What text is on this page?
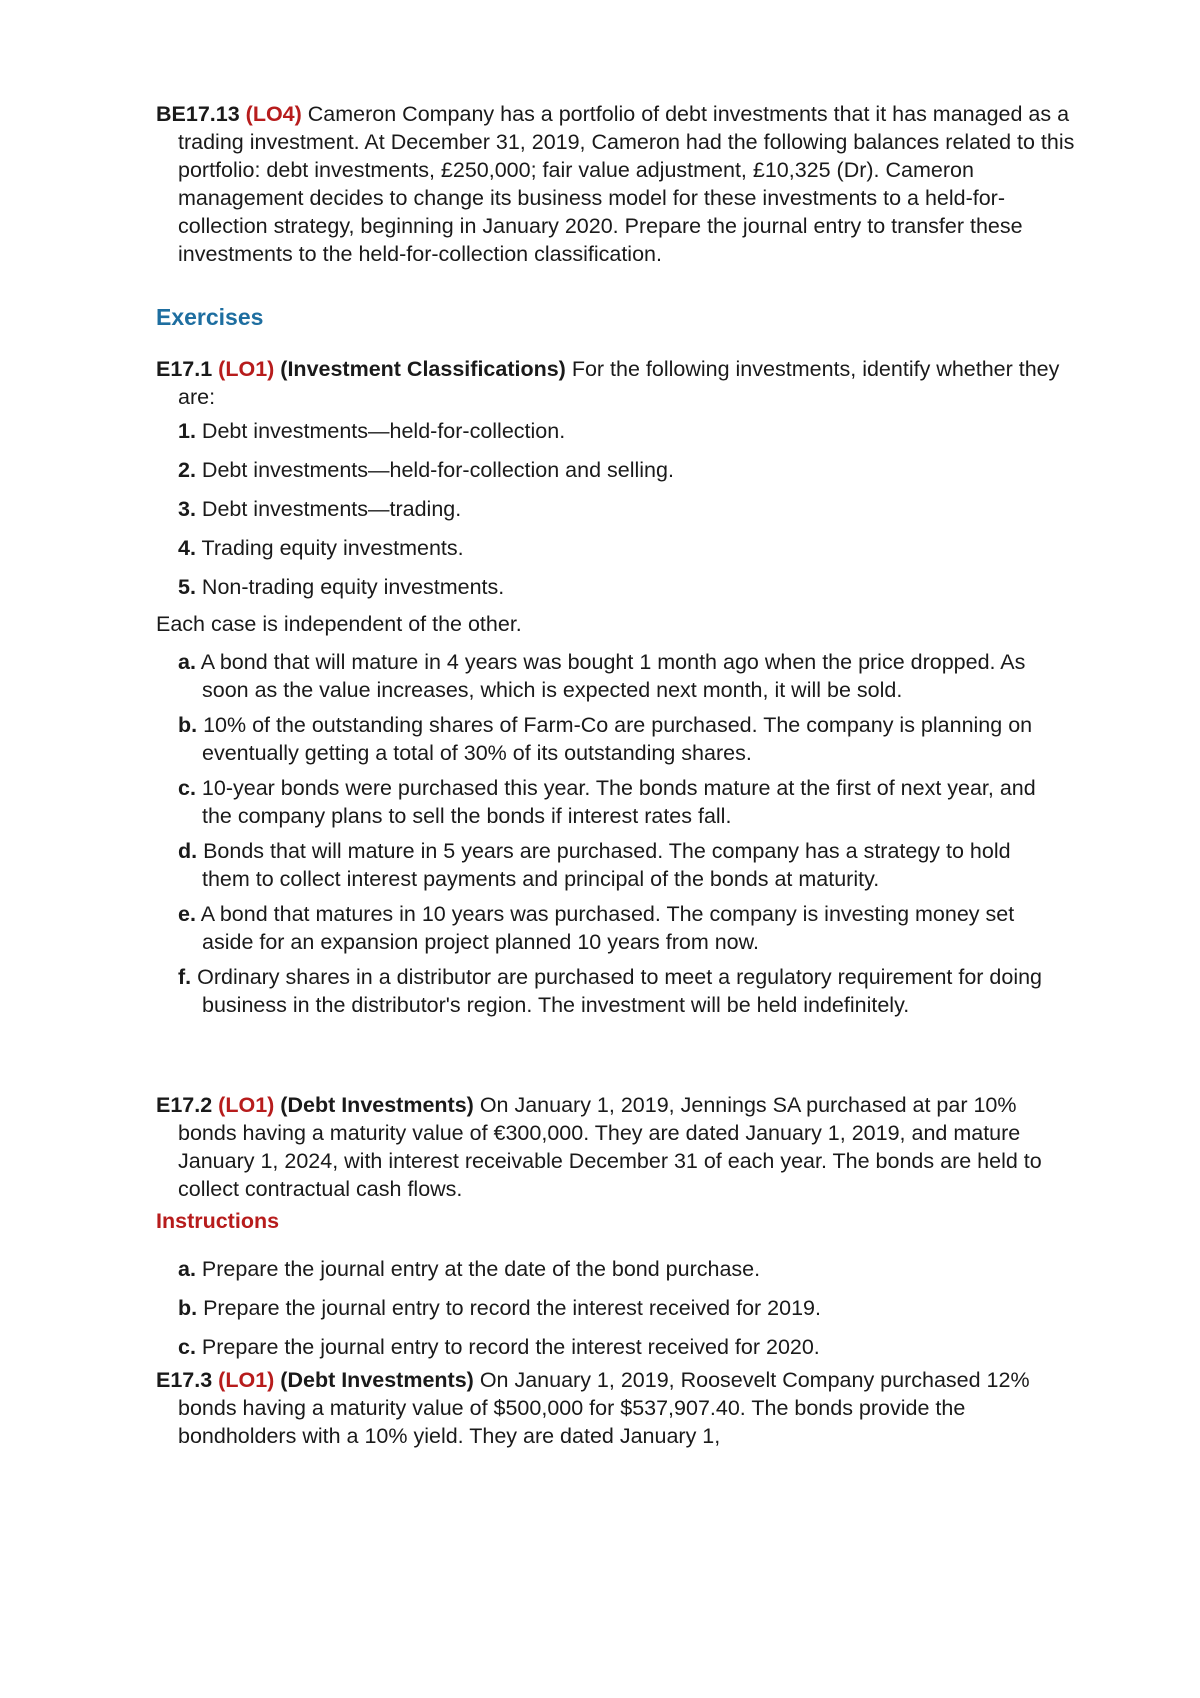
BE17.13 (LO4) Cameron Company has a portfolio of debt investments that it has managed as a trading investment. At December 31, 2019, Cameron had the following balances related to this portfolio: debt investments, £250,000; fair value adjustment, £10,325 (Dr). Cameron management decides to change its business model for these investments to a held-for-collection strategy, beginning in January 2020. Prepare the journal entry to transfer these investments to the held-for-collection classification.

Exercises

E17.1 (LO1) (Investment Classifications) For the following investments, identify whether they are:

1. Debt investments—held-for-collection.
2. Debt investments—held-for-collection and selling.
3. Debt investments—trading.
4. Trading equity investments.
5. Non-trading equity investments.

Each case is independent of the other.

a. A bond that will mature in 4 years was bought 1 month ago when the price dropped. As soon as the value increases, which is expected next month, it will be sold.
b. 10% of the outstanding shares of Farm-Co are purchased. The company is planning on eventually getting a total of 30% of its outstanding shares.
c. 10-year bonds were purchased this year. The bonds mature at the first of next year, and the company plans to sell the bonds if interest rates fall.
d. Bonds that will mature in 5 years are purchased. The company has a strategy to hold them to collect interest payments and principal of the bonds at maturity.
e. A bond that matures in 10 years was purchased. The company is investing money set aside for an expansion project planned 10 years from now.
f. Ordinary shares in a distributor are purchased to meet a regulatory requirement for doing business in the distributor's region. The investment will be held indefinitely.

E17.2 (LO1) (Debt Investments) On January 1, 2019, Jennings SA purchased at par 10% bonds having a maturity value of €300,000. They are dated January 1, 2019, and mature January 1, 2024, with interest receivable December 31 of each year. The bonds are held to collect contractual cash flows.

Instructions

a. Prepare the journal entry at the date of the bond purchase.
b. Prepare the journal entry to record the interest received for 2019.
c. Prepare the journal entry to record the interest received for 2020.

E17.3 (LO1) (Debt Investments) On January 1, 2019, Roosevelt Company purchased 12% bonds having a maturity value of $500,000 for $537,907.40. The bonds provide the bondholders with a 10% yield. They are dated January 1,
